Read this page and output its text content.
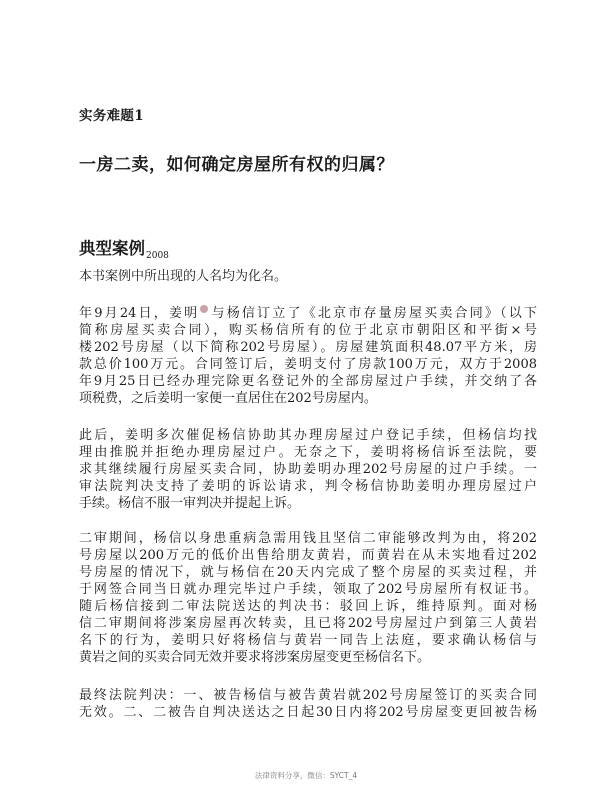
实务难题1
一房二卖，如何确定房屋所有权的归属？
典型案例$_{2008}$
本书案例中所出现的人名均为化名。
年9月24日，姜明 与杨信订立了《北京市存量房屋买卖合同》（以下
简称房屋买卖合同），购买杨信所有的位于北京市朝阳区和平街×号
楼202号房屋（以下简称202号房屋）。房屋建筑面积48.07平方米，房
款总价100万元。合同签订后，姜明支付了房款100万元，双方于2008
年9月25日已经办理完除更名登记外的全部房屋过户手续，并交纳了各
项税费，之后姜明一家便一直居住在202号房屋内。
此后，姜明多次催促杨信协助其办理房屋过户登记手续，但杨信均找
理由推脱并拒绝办理房屋过户。无奈之下，姜明将杨信诉至法院，要
求其继续履行房屋买卖合同，协助姜明办理202号房屋的过户手续。一
审法院判决支持了姜明的诉讼请求，判令杨信协助姜明办理房屋过户
手续。杨信不服一审判决并提起上诉。
二审期间，杨信以身患重病急需用钱且坚信二审能够改判为由，将202
号房屋以200万元的低价出售给朋友黄岩，而黄岩在从未实地看过202
号房屋的情况下，就与杨信在20天内完成了整个房屋的买卖过程，并
于网签合同当日就办理完毕过户手续，领取了202号房屋所有权证书。
随后杨信接到二审法院送达的判决书：驳回上诉，维持原判。面对杨
信二审期间将涉案房屋再次转卖，且已将202号房屋过户到第三人黄岩
名下的行为，姜明只好将杨信与黄岩一同告上法庭，要求确认杨信与
黄岩之间的买卖合同无效并要求将涉案房屋变更至杨信名下。
最终法院判决：一、被告杨信与被告黄岩就202号房屋签订的买卖合同
无效。二、二被告自判决送达之日起30日内将202号房屋变更回被告杨
法律资料分享，微信：SYCT_4
